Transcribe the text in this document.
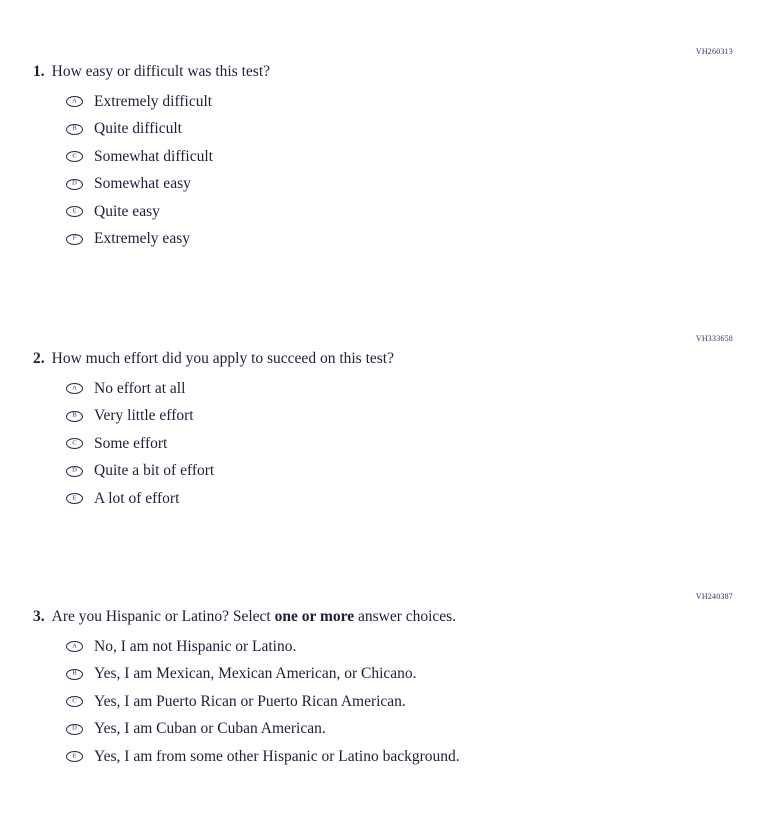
VH260313
1. How easy or difficult was this test?
A Extremely difficult
B Quite difficult
C Somewhat difficult
D Somewhat easy
E Quite easy
F Extremely easy
VH333658
2. How much effort did you apply to succeed on this test?
A No effort at all
B Very little effort
C Some effort
D Quite a bit of effort
E A lot of effort
VH240387
3. Are you Hispanic or Latino? Select one or more answer choices.
A No, I am not Hispanic or Latino.
B Yes, I am Mexican, Mexican American, or Chicano.
C Yes, I am Puerto Rican or Puerto Rican American.
D Yes, I am Cuban or Cuban American.
E Yes, I am from some other Hispanic or Latino background.
